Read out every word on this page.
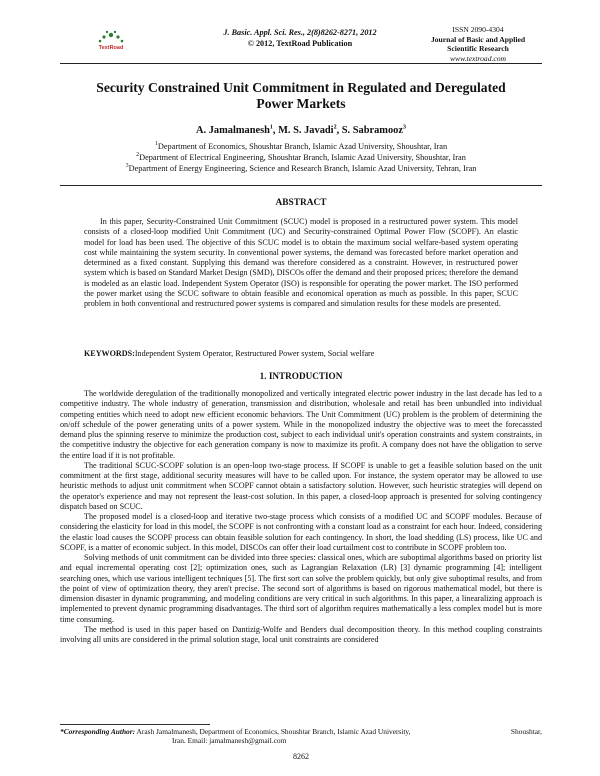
TextRoad
J. Basic. Appl. Sci. Res., 2(8)8262-8271, 2012
© 2012, TextRoad Publication
ISSN 2090-4304
Journal of Basic and Applied
Scientific Research
www.textroad.com
Security Constrained Unit Commitment in Regulated and Deregulated
Power Markets
A. Jamalmanesh$^1$, M. S. Javadi$^2$, S. Sabramooz$^3$
$^1$Department of Economics, Shoushtar Branch, Islamic Azad University, Shoushtar, Iran
$^2$Department of Electrical Engineering, Shoushtar Branch, Islamic Azad University, Shoushtar, Iran
$^3$Department of Energy Engineering, Science and Research Branch, Islamic Azad University, Tehran, Iran
ABSTRACT

In this paper, Security-Constrained Unit Commitment (SCUC) model is proposed in a restructured power system. This model consists of a closed-loop modified Unit Commitment (UC) and Security-constrained Optimal Power Flow (SCOPF). An elastic model for load has been used. The objective of this SCUC model is to obtain the maximum social welfare-based system operating cost while maintaining the system security. In conventional power systems, the demand was forecasted before market operation and determined as a fixed constant. Supplying this demand was therefore considered as a constraint. However, in restructured power system which is based on Standard Market Design (SMD), DISCOs offer the demand and their proposed prices; therefore the demand is modeled as an elastic load. Independent System Operator (ISO) is responsible for operating the power market. The ISO performed the power market using the SCUC software to obtain feasible and economical operation as much as possible. In this paper, SCUC problem in both conventional and restructured power systems is compared and simulation results for these models are presented.

KEYWORDS:Independent System Operator, Restructured Power system, Social welfare
1. INTRODUCTION

The worldwide deregulation of the traditionally monopolized and vertically integrated electric power industry in the last decade has led to a competitive industry. The whole industry of generation, transmission and distribution, wholesale and retail has been unbundled into individual competing entities which need to adopt new efficient economic behaviors. The Unit Commitment (UC) problem is the problem of determining the on/off schedule of the power generating units of a power system. While in the monopolized industry the objective was to meet the forecassted demand plus the spinning reserve to minimize the production cost, subject to each individual unit's operation constraints and system constraints, in the competitive industry the objective for each generation company is now to maximize its profit. A company does not have the obligation to serve the entire load if it is not profitable.

The traditional SCUC-SCOPF solution is an open-loop two-stage process. If SCOPF is unable to get a feasible solution based on the unit commitment at the first stage, additional security measures will have to be called upon. For instance, the system operator may be allowed to use heuristic methods to adjust unit commitment when SCOPF cannot obtain a satisfactory solution. However, such heuristic strategies will depend on the operator's experience and may not represent the least-cost solution. In this paper, a closed-loop approach is presented for solving contingency dispatch based on SCUC.

The proposed model is a closed-loop and iterative two-stage process which consists of a modified UC and SCOPF modules. Because of considering the elasticity for load in this model, the SCOPF is not confronting with a constant load as a constraint for each hour. Indeed, considering the elastic load causes the SCOPF process can obtain feasible solution for each contingency. In short, the load shedding (LS) process, like UC and SCOPF, is a matter of economic subject. In this model, DISCOs can offer their load curtailment cost to contribute in SCOPF problem too.

Solving methods of unit commitment can be divided into three species: classical ones, which are suboptimal algorithms based on priority list and equal incremental operating cost [2]; optimization ones, such as Lagrangian Relaxation (LR) [3] dynamic programming [4]; intelligent searching ones, which use various intelligent techniques [5]. The first sort can solve the problem quickly, but only give suboptimal results, and from the point of view of optimization theory, they aren't precise. The second sort of algorithms is based on rigorous mathematical model, but there is dimension disaster in dynamic programming, and modeling conditions are very critical in such algorithms. In this paper, a linearalizing approach is implemented to prevent dynamic programming disadvantages. The third sort of algorithm requires mathematically a less complex model but is more time consuming.

The method is used in this paper based on Dantizig-Wolfe and Benders dual decomposition theory. In this method coupling constraints involving all units are considered in the primal solution stage, local unit constraints are considered

*Corresponding Author: Arash Jamalmanesh, Department of Economics, Shoushtar Branch, Islamic Azad University,	Shoushtar,
Iran. Email: jamalmanesh@gmail.com
8262
